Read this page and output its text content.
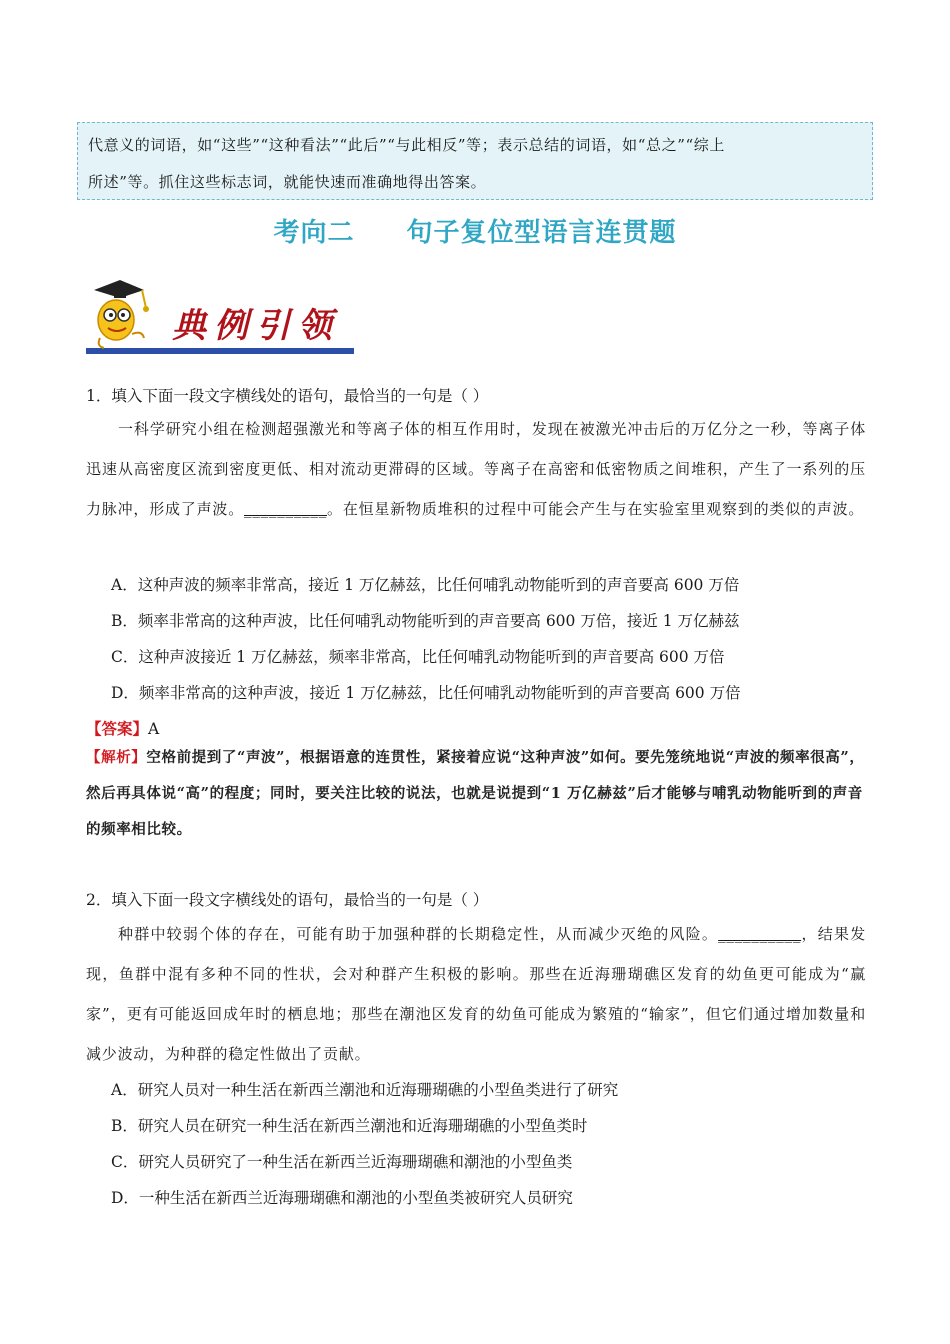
代意义的词语，如“这些”“这种看法”“此后”“与此相反”等；表示总结的词语，如“总之”“综上
所述”等。抓住这些标志词，就能快速而准确地得出答案。
考向二 句子复位型语言连贯题
典例引领
1．填入下面一段文字横线处的语句，最恰当的一句是（ ）
一科学研究小组在检测超强激光和等离子体的相互作用时，发现在被激光冲击后的万亿分之一秒，等离子体迅速从高密度区流到密度更低、相对流动更滞碍的区域。等离子在高密和低密物质之间堆积，产生了一系列的压力脉冲，形成了声波。__________。在恒星新物质堆积的过程中可能会产生与在实验室里观察到的类似的声波。
A．这种声波的频率非常高，接近 1 万亿赫兹，比任何哺乳动物能听到的声音要高 600 万倍
B．频率非常高的这种声波，比任何哺乳动物能听到的声音要高 600 万倍，接近 1 万亿赫兹
C．这种声波接近 1 万亿赫兹，频率非常高，比任何哺乳动物能听到的声音要高 600 万倍
D．频率非常高的这种声波，接近 1 万亿赫兹，比任何哺乳动物能听到的声音要高 600 万倍
【答案】A
【解析】空格前提到了“声波”，根据语意的连贯性，紧接着应说“这种声波”如何。要先笼统地说“声波的频率很高”，然后再具体说“高”的程度；同时，要关注比较的说法，也就是说提到“1 万亿赫兹”后才能够与哺乳动物能听到的声音的频率相比较。
2．填入下面一段文字横线处的语句，最恰当的一句是（ ）
种群中较弱个体的存在，可能有助于加强种群的长期稳定性，从而减少灭绝的风险。__________，结果发现，鱼群中混有多种不同的性状，会对种群产生积极的影响。那些在近海珊瑚礁区发育的幼鱼更可能成为“赢家”，更有可能返回成年时的栖息地；那些在潮池区发育的幼鱼可能成为繁殖的“输家”，但它们通过增加数量和减少波动，为种群的稳定性做出了贡献。
A．研究人员对一种生活在新西兰潮池和近海珊瑚礁的小型鱼类进行了研究
B．研究人员在研究一种生活在新西兰潮池和近海珊瑚礁的小型鱼类时
C．研究人员研究了一种生活在新西兰近海珊瑚礁和潮池的小型鱼类
D．一种生活在新西兰近海珊瑚礁和潮池的小型鱼类被研究人员研究
